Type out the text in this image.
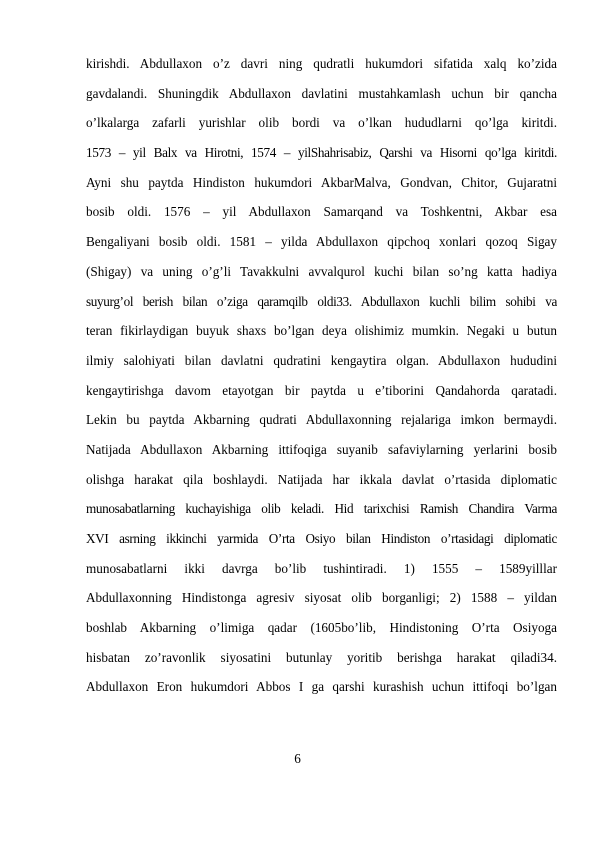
kirishdi. Abdullaxon o’z davri ning qudratli hukumdori sifatida xalq ko’zida
gavdalandi. Shuningdik Abdullaxon davlatini mustahkamlash uchun bir qancha
o’lkalarga zafarli yurishlar olib bordi va o’lkan hududlarni qo’lga kiritdi.
1573 – yil Balx va Hirotni, 1574 – yilShahrisabiz, Qarshi va Hisorni qo’lga kiritdi.
Ayni shu paytda Hindiston hukumdori AkbarMalva, Gondvan, Chitor, Gujaratni
bosib oldi. 1576 – yil Abdullaxon Samarqand va Toshkentni, Akbar esa
Bengaliyani bosib oldi. 1581 – yilda Abdullaxon qipchoq xonlari qozoq Sigay
(Shigay) va uning o’g’li Tavakkulni avvalqurol kuchi bilan so’ng katta hadiya
suyurg’ol berish bilan o’ziga qaramqilb oldi33. Abdullaxon kuchli bilim sohibi va
teran fikirlaydigan buyuk shaxs bo’lgan deya olishimiz mumkin. Negaki u butun
ilmiy salohiyati bilan davlatni qudratini kengaytira olgan. Abdullaxon hududini
kengaytirishga davom etayotgan bir paytda u e’tiborini Qandahorda qaratadi.
Lekin bu paytda Akbarning qudrati Abdullaxonning rejalariga imkon bermaydi.
Natijada Abdullaxon Akbarning ittifoqiga suyanib safaviylarning yerlarini bosib
olishga harakat qila boshlaydi. Natijada har ikkala davlat o’rtasida diplomatic
munosabatlarning kuchayishiga olib keladi. Hid tarixchisi Ramish Chandira Varma
XVI asrning ikkinchi yarmida O’rta Osiyo bilan Hindiston o’rtasidagi diplomatic
munosabatlarni ikki davrga bo’lib tushintiradi. 1) 1555 – 1589yilllar
Abdullaxonning Hindistonga agresiv siyosat olib borganligi; 2) 1588 – yildan
boshlab Akbarning o’limiga qadar (1605bo’lib, Hindistoning O’rta Osiyoga
hisbatan zo’ravonlik siyosatini butunlay yoritib berishga harakat qiladi34.
Abdullaxon Eron hukumdori Abbos I ga qarshi kurashish uchun ittifoqi bo’lgan
6
